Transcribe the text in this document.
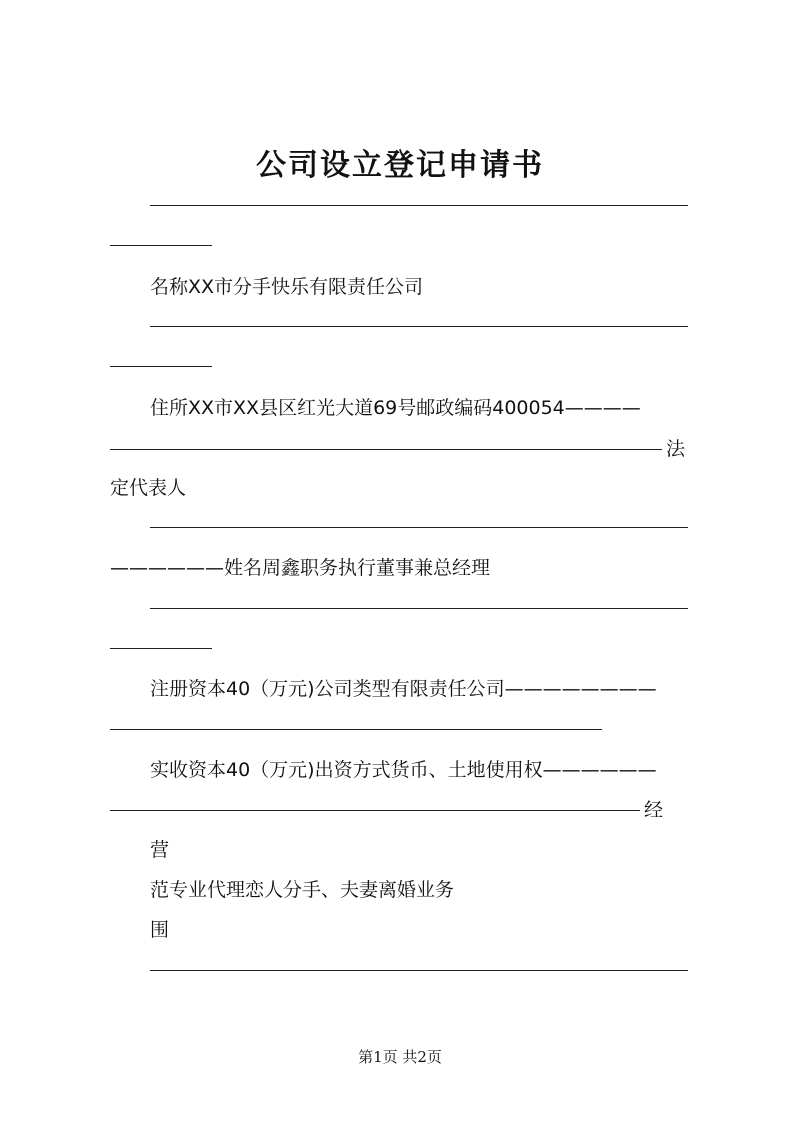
公司设立登记申请书
名称XX市分手快乐有限责任公司
住所XX市XX县区红光大道69号邮政编码400054————
法
定代表人
——————姓名周鑫职务执行董事兼总经理
注册资本40（万元)公司类型有限责任公司————————
实收资本40（万元)出资方式货币、土地使用权——————
经
营
范专业代理恋人分手、夫妻离婚业务
围
第1页 共2页
